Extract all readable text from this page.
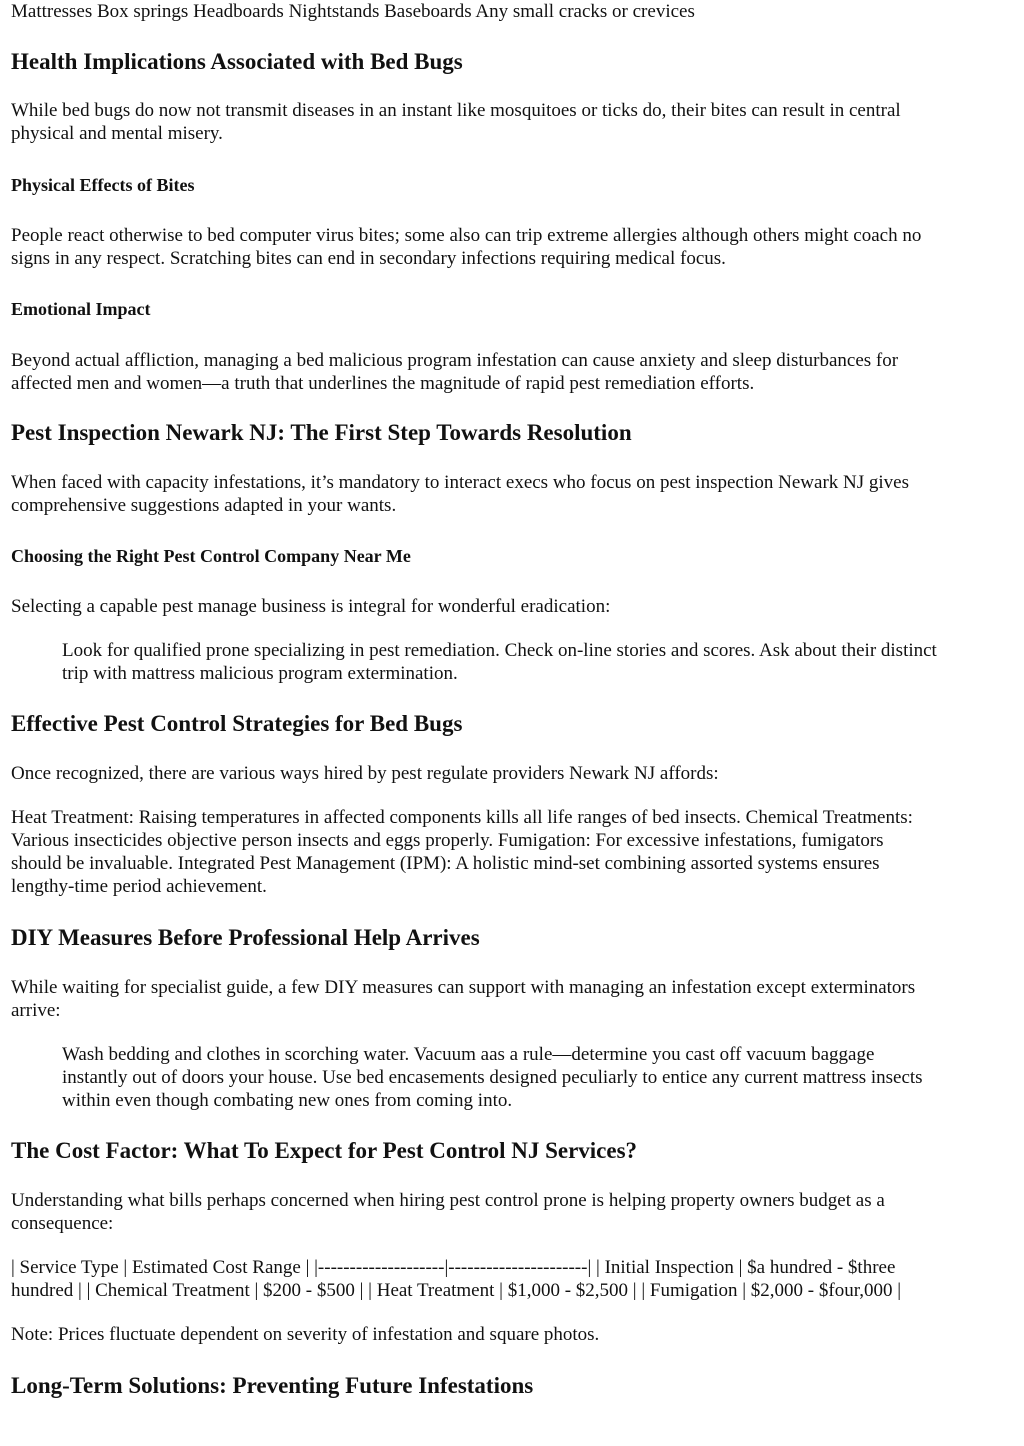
Mattresses Box springs Headboards Nightstands Baseboards Any small cracks or crevices
Health Implications Associated with Bed Bugs
While bed bugs do now not transmit diseases in an instant like mosquitoes or ticks do, their bites can result in central
physical and mental misery.
Physical Effects of Bites
People react otherwise to bed computer virus bites; some also can trip extreme allergies although others might coach no
signs in any respect. Scratching bites can end in secondary infections requiring medical focus.
Emotional Impact
Beyond actual affliction, managing a bed malicious program infestation can cause anxiety and sleep disturbances for
affected men and women—a truth that underlines the magnitude of rapid pest remediation efforts.
Pest Inspection Newark NJ: The First Step Towards Resolution
When faced with capacity infestations, it’s mandatory to interact execs who focus on pest inspection Newark NJ gives
comprehensive suggestions adapted in your wants.
Choosing the Right Pest Control Company Near Me
Selecting a capable pest manage business is integral for wonderful eradication:
Look for qualified prone specializing in pest remediation. Check on-line stories and scores. Ask about their distinct
trip with mattress malicious program extermination.
Effective Pest Control Strategies for Bed Bugs
Once recognized, there are various ways hired by pest regulate providers Newark NJ affords:
Heat Treatment: Raising temperatures in affected components kills all life ranges of bed insects. Chemical Treatments:
Various insecticides objective person insects and eggs properly. Fumigation: For excessive infestations, fumigators
should be invaluable. Integrated Pest Management (IPM): A holistic mind-set combining assorted systems ensures
lengthy-time period achievement.
DIY Measures Before Professional Help Arrives
While waiting for specialist guide, a few DIY measures can support with managing an infestation except exterminators
arrive:
Wash bedding and clothes in scorching water. Vacuum aas a rule—determine you cast off vacuum baggage
instantly out of doors your house. Use bed encasements designed peculiarly to entice any current mattress insects
within even though combating new ones from coming into.
The Cost Factor: What To Expect for Pest Control NJ Services?
Understanding what bills perhaps concerned when hiring pest control prone is helping property owners budget as a
consequence:
| Service Type | Estimated Cost Range | |--------------------|----------------------| | Initial Inspection | $a hundred - $three
hundred | | Chemical Treatment | $200 - $500 | | Heat Treatment | $1,000 - $2,500 | | Fumigation | $2,000 - $four,000 |
Note: Prices fluctuate dependent on severity of infestation and square photos.
Long-Term Solutions: Preventing Future Infestations
